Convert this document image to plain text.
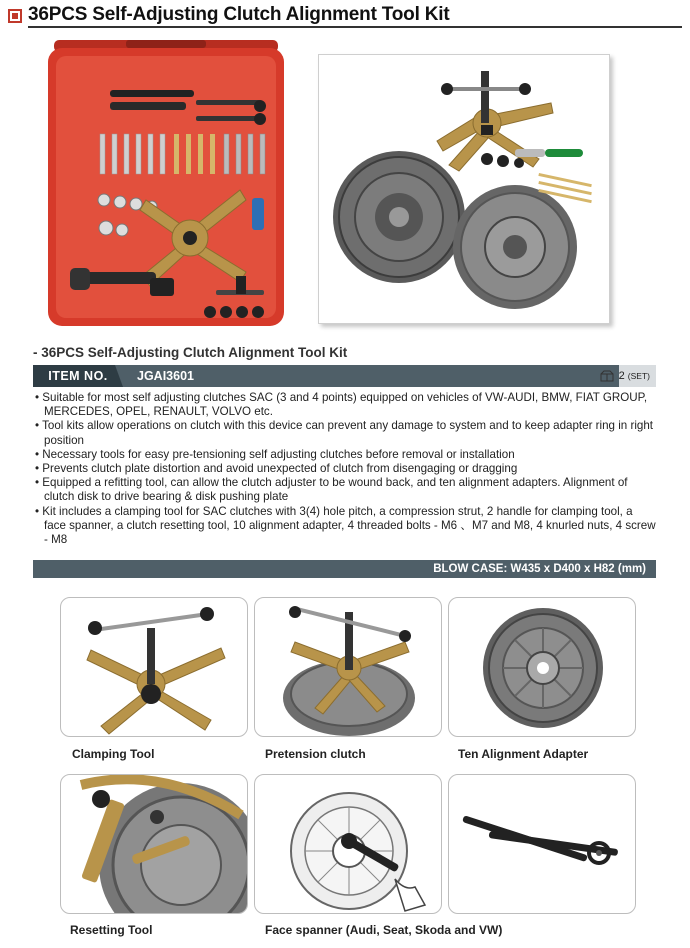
36PCS Self-Adjusting Clutch Alignment Tool Kit
- 36PCS Self-Adjusting Clutch Alignment Tool Kit
ITEM NO.	JGAI3601	2 (SET)
• Suitable for most self adjusting clutches SAC (3 and 4 points) equipped on vehicles of VW-AUDI, BMW, FIAT GROUP, MERCEDES, OPEL, RENAULT, VOLVO etc.
• Tool kits allow operations on clutch with this device can prevent any damage to system and to keep adapter ring in right position
• Necessary tools for easy pre-tensioning self adjusting clutches before removal or installation
• Prevents clutch plate distortion and avoid unexpected of clutch from disengaging or dragging
• Equipped a refitting tool, can allow the clutch adjuster to be wound back, and ten alignment adapters. Alignment of clutch disk to drive bearing & disk pushing plate
• Kit includes a clamping tool for SAC clutches with 3(4) hole pitch, a compression strut, 2 handle for clamping tool, a face spanner, a clutch resetting tool, 10 alignment adapter, 4 threaded bolts - M6 、M7 and M8, 4 knurled nuts, 4 screw - M8
BLOW CASE: W435 x D400 x H82 (mm)
Clamping Tool	Pretension clutch	Ten Alignment Adapter
Resetting Tool	Face spanner (Audi, Seat, Skoda and VW)
